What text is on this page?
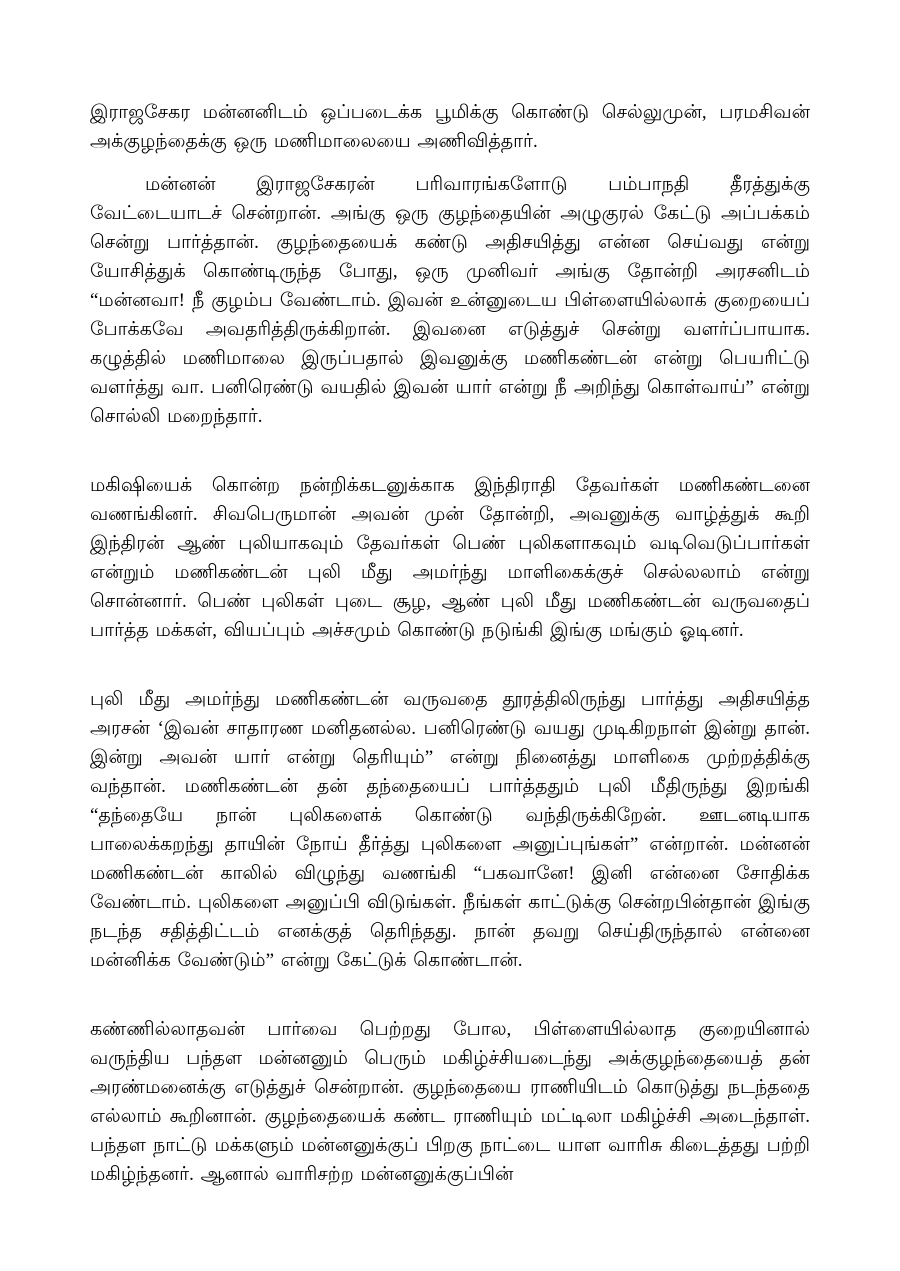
இராஜசேகர மன்னனிடம் ஒப்படைக்க பூமிக்கு கொண்டு செல்லுமுன், பரமசிவன் அக்குழந்தைக்கு ஒரு மணிமாலையை அணிவித்தார்.

மன்னன் இராஜசேகரன் பரிவாரங்களோடு பம்பாநதி தீரத்துக்கு வேட்டையாடச் சென்றான். அங்கு ஒரு குழந்தையின் அழுகுரல் கேட்டு அப்பக்கம் சென்று பார்த்தான். குழந்தையைக் கண்டு அதிசயித்து என்ன செய்வது என்று யோசித்துக் கொண்டிருந்த போது, ஒரு முனிவர் அங்கு தோன்றி அரசனிடம் “மன்னவா! நீ குழம்ப வேண்டாம். இவன் உன்னுடைய பிள்ளையில்லாக் குறையைப் போக்கவே அவதரித்திருக்கிறான். இவனை எடுத்துச் சென்று வளர்ப்பாயாக. கழுத்தில் மணிமாலை இருப்பதால் இவனுக்கு மணிகண்டன் என்று பெயரிட்டு வளர்த்து வா. பனிரெண்டு வயதில் இவன் யார் என்று நீ அறிந்து கொள்வாய்” என்று சொல்லி மறைந்தார்.

மகிஷியைக் கொன்ற நன்றிக்கடனுக்காக இந்திராதி தேவர்கள் மணிகண்டனை வணங்கினர். சிவபெருமான் அவன் முன் தோன்றி, அவனுக்கு வாழ்த்துக் கூறி இந்திரன் ஆண் புலியாகவும் தேவர்கள் பெண் புலிகளாகவும் வடிவெடுப்பார்கள் என்றும் மணிகண்டன் புலி மீது அமர்ந்து மாளிகைக்குச் செல்லலாம் என்று சொன்னார். பெண் புலிகள் புடை சூழ, ஆண் புலி மீது மணிகண்டன் வருவதைப் பார்த்த மக்கள், வியப்பும் அச்சமும் கொண்டு நடுங்கி இங்கு மங்கும் ஓடினர்.

புலி மீது அமர்ந்து மணிகண்டன் வருவதை தூரத்திலிருந்து பார்த்து அதிசயித்த அரசன் ‘இவன் சாதாரண மனிதனல்ல. பனிரெண்டு வயது முடிகிறநாள் இன்று தான். இன்று அவன் யார் என்று தெரியும்” என்று நினைத்து மாளிகை முற்றத்திக்கு வந்தான். மணிகண்டன் தன் தந்தையைப் பார்த்ததும் புலி மீதிருந்து இறங்கி “தந்தையே நான் புலிகளைக் கொண்டு வந்திருக்கிறேன். ஊடனடியாக பாலைக்கறந்து தாயின் நோய் தீர்த்து புலிகளை அனுப்புங்கள்” என்றான். மன்னன் மணிகண்டன் காலில் விழுந்து வணங்கி “பகவானே! இனி என்னை சோதிக்க வேண்டாம். புலிகளை அனுப்பி விடுங்கள். நீங்கள் காட்டுக்கு சென்றபின்தான் இங்கு நடந்த சதித்திட்டம் எனக்குத் தெரிந்தது. நான் தவறு செய்திருந்தால் என்னை மன்னிக்க வேண்டும்” என்று கேட்டுக் கொண்டான்.

கண்ணில்லாதவன் பார்வை பெற்றது போல, பிள்ளையில்லாத குறையினால் வருந்திய பந்தள மன்னனும் பெரும் மகிழ்ச்சியடைந்து அக்குழந்தையைத் தன் அரண்மனைக்கு எடுத்துச் சென்றான். குழந்தையை ராணியிடம் கொடுத்து நடந்ததை எல்லாம் கூறினான். குழந்தையைக் கண்ட ராணியும் மட்டிலா மகிழ்ச்சி அடைந்தாள். பந்தள நாட்டு மக்களும் மன்னனுக்குப் பிறகு நாட்டை யாள வாரிசு கிடைத்தது பற்றி மகிழ்ந்தனர். ஆனால் வாரிசற்ற மன்னனுக்குப்பின்
